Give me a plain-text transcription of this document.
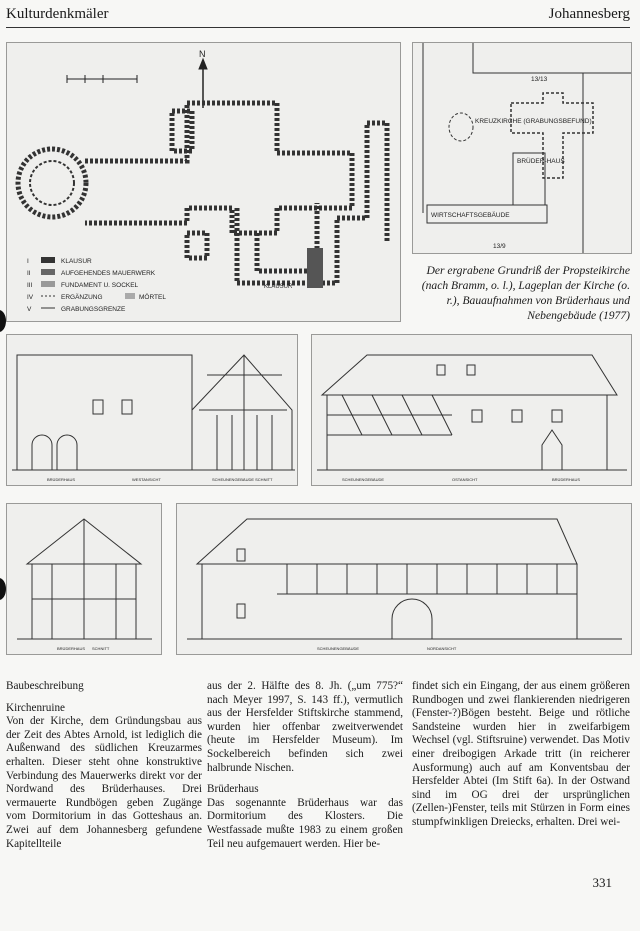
Kulturdenkmäler	Johannesberg
N
KLAUSUR
I	KLAUSUR
II	AUFGEHENDES MAUERWERK
III	FUNDAMENT U. SOCKEL
IV	ERGÄNZUNG	MÖRTEL
V	GRABUNGSGRENZE
KREUZKIRCHE (GRABUNGSBEFUND)
BRÜDER-HAUS
WIRTSCHAFTSGEBÄUDE
13/13
13/9
Der ergrabene Grundriß der Propsteikirche (nach Bramm, o. l.), Lageplan der Kirche (o. r.), Bauaufnahmen von Brüderhaus und Nebengebäude (1977)
BRÜDERHAUS	WESTANSICHT	SCHEUNENGEBÄUDE SCHNITT	SCHEUNENGEBÄUDE	OSTANSICHT	BRÜDERHAUS
BRÜDERHAUS SCHNITT	SCHEUNENGEBÄUDE	NORDANSICHT

Baubeschreibung

Kirchenruine

Von der Kirche, dem Gründungsbau aus der Zeit des Abtes Arnold, ist lediglich die Außenwand des südlichen Kreuzarmes erhalten. Dieser steht ohne konstruktive Verbindung des Mauerwerks direkt vor der Nordwand des Brüderhauses. Drei vermauerte Rundbögen geben Zugänge vom Dormitorium in das Gotteshaus an. Zwei auf dem Johannesberg gefundene Kapitellteile

aus der 2. Hälfte des 8. Jh. („um 775?“ nach Meyer 1997, S. 143 ff.), vermutlich aus der Hersfelder Stiftskirche stammend, wurden hier offenbar zweitverwendet (heute im Hersfelder Museum). Im Sockelbereich befinden sich zwei halbrunde Nischen.

Brüderhaus

Das sogenannte Brüderhaus war das Dormitorium des Klosters. Die Westfassade mußte 1983 zu einem großen Teil neu aufgemauert werden. Hier be-

findet sich ein Eingang, der aus einem größeren Rundbogen und zwei flankierenden niedrigeren (Fenster-?)Bögen besteht. Beige und rötliche Sandsteine wurden hier in zweifarbigem Wechsel (vgl. Stiftsruine) verwendet. Das Motiv einer dreibogigen Arkade tritt (in reicherer Ausformung) auch auf am Konventsbau der Hersfelder Abtei (Im Stift 6a). In der Ostwand sind im OG drei der ursprünglichen (Zellen-)Fenster, teils mit Stürzen in Form eines stumpfwinkligen Dreiecks, erhalten. Drei wei-

331
